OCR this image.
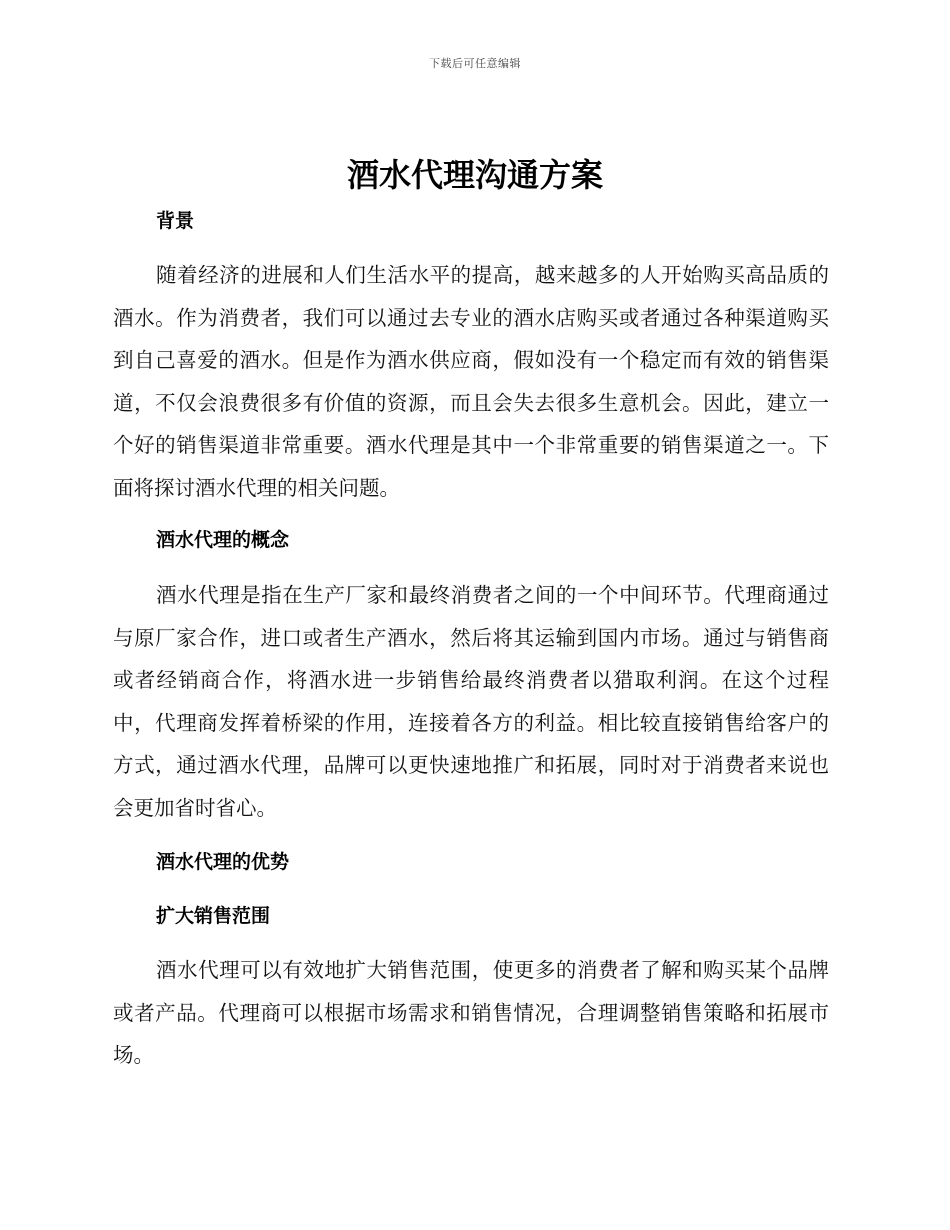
下载后可任意编辑
酒水代理沟通方案
背景

随着经济的进展和人们生活水平的提高，越来越多的人开始购买高品质的酒水。作为消费者，我们可以通过去专业的酒水店购买或者通过各种渠道购买到自己喜爱的酒水。但是作为酒水供应商，假如没有一个稳定而有效的销售渠道，不仅会浪费很多有价值的资源，而且会失去很多生意机会。因此，建立一个好的销售渠道非常重要。酒水代理是其中一个非常重要的销售渠道之一。下面将探讨酒水代理的相关问题。

酒水代理的概念

酒水代理是指在生产厂家和最终消费者之间的一个中间环节。代理商通过与原厂家合作，进口或者生产酒水，然后将其运输到国内市场。通过与销售商或者经销商合作，将酒水进一步销售给最终消费者以猎取利润。在这个过程中，代理商发挥着桥梁的作用，连接着各方的利益。相比较直接销售给客户的方式，通过酒水代理，品牌可以更快速地推广和拓展，同时对于消费者来说也会更加省时省心。

酒水代理的优势
扩大销售范围

酒水代理可以有效地扩大销售范围，使更多的消费者了解和购买某个品牌或者产品。代理商可以根据市场需求和销售情况，合理调整销售策略和拓展市场。
